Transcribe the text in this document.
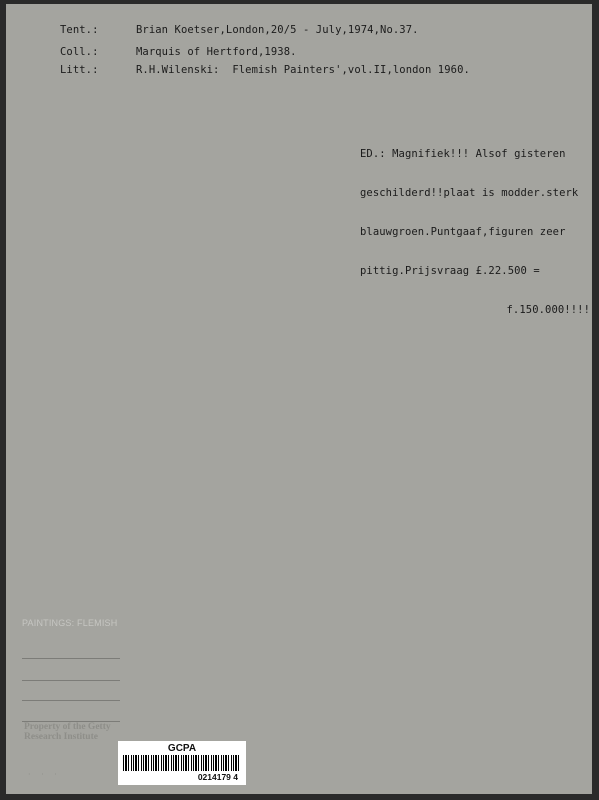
Tent.:	Brian Koetser,London,20/5 - July,1974,No.37.
Coll.:	Marquis of Hertford,1938.
Litt.:	R.H.Wilenski:  Flemish Painters',vol.II,london 1960.

ED.: Magnifiek!!! Alsof gisteren

geschilderd!!plaat is modder.sterk

blauwgroen.Puntgaaf,figuren zeer

pittig.Prijsvraag £.22.500 =

f.150.000!!!!

PAINTINGS: FLEMISH
Property of the Getty
Research Institute
· · ·
GCPA
0214179 4
